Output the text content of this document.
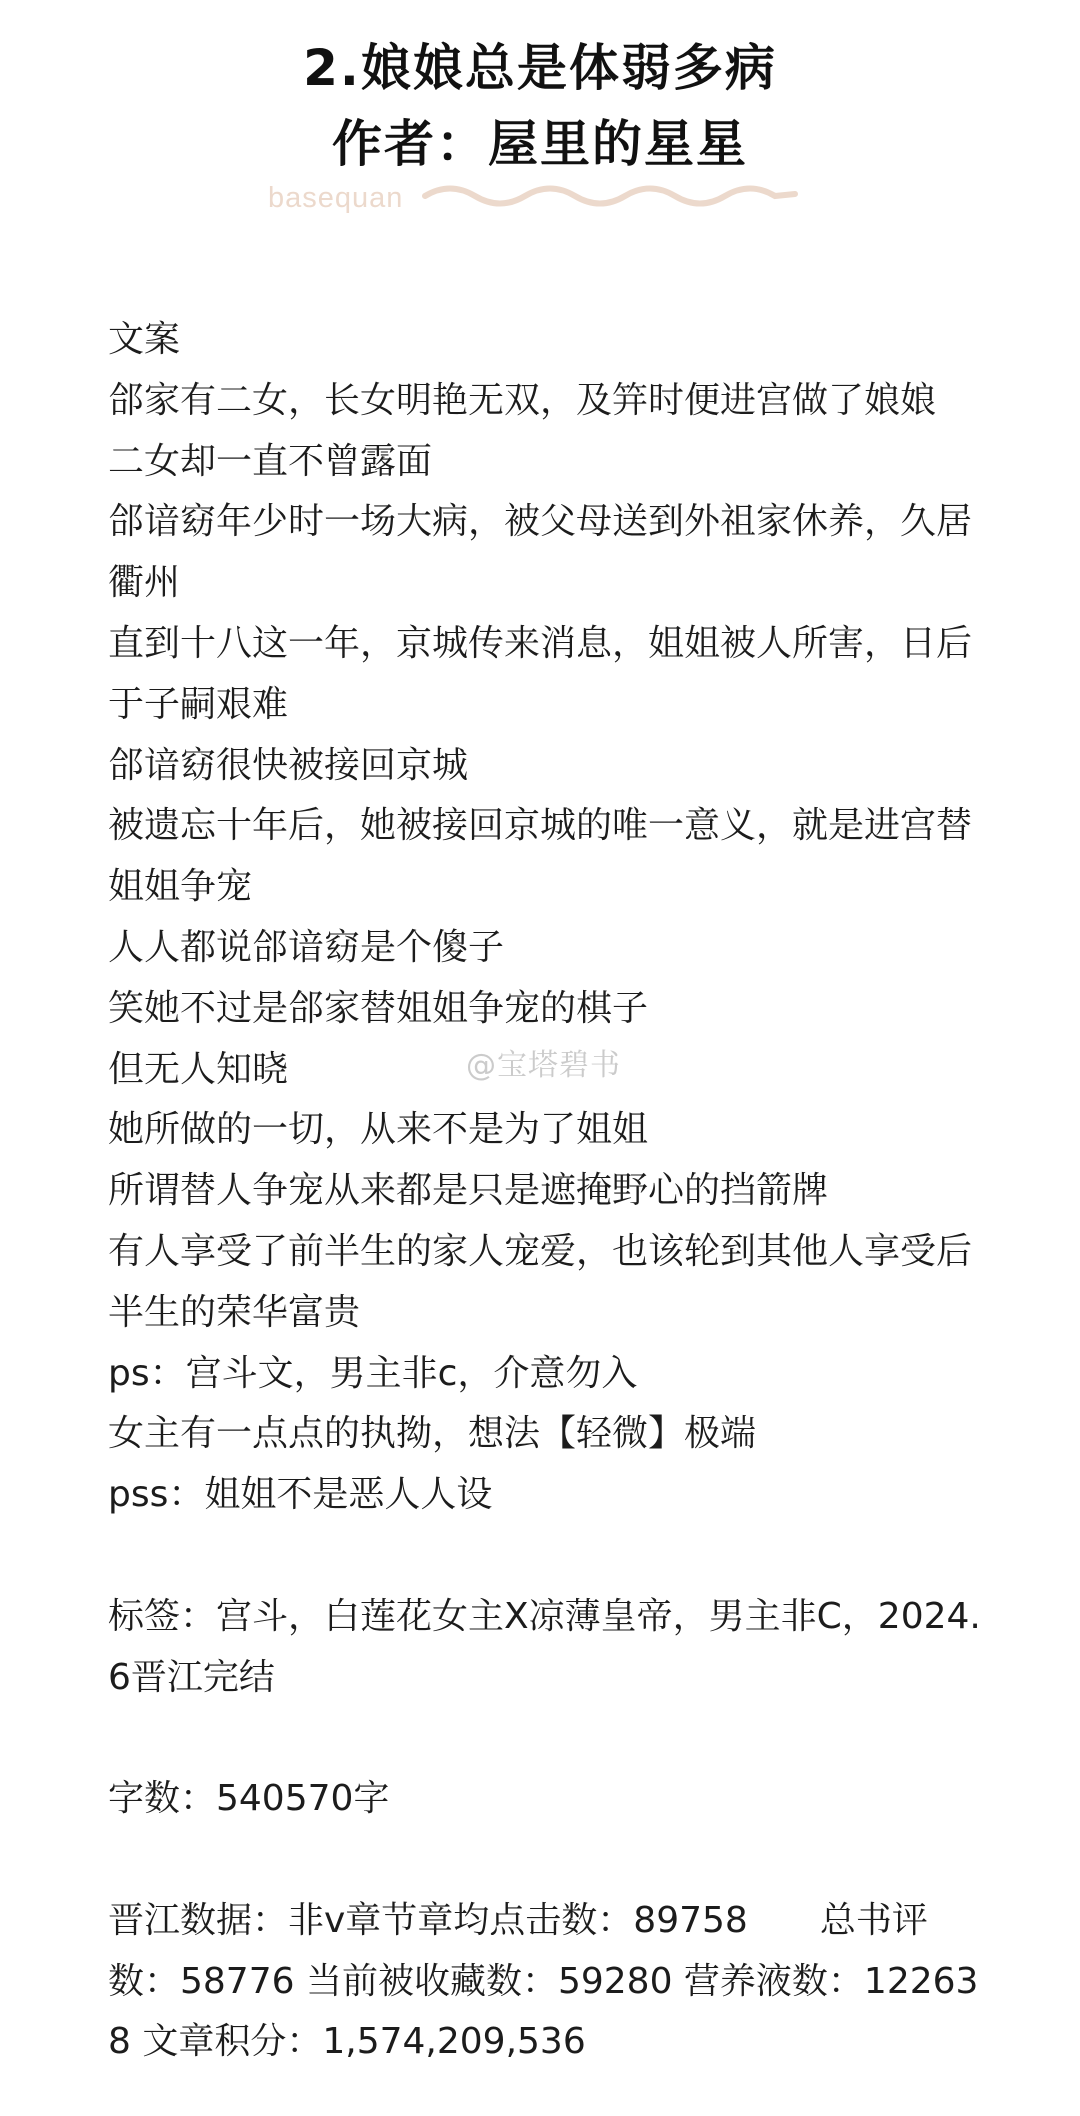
2.娘娘总是体弱多病
作者：屋里的星星
basequan
文案
郃家有二女，长女明艳无双，及笄时便进宫做了娘娘
二女却一直不曾露面
郃谙窈年少时一场大病，被父母送到外祖家休养，久居衢州
直到十八这一年，京城传来消息，姐姐被人所害，日后于子嗣艰难
郃谙窈很快被接回京城
被遗忘十年后，她被接回京城的唯一意义，就是进宫替姐姐争宠
人人都说郃谙窈是个傻子
笑她不过是郃家替姐姐争宠的棋子
但无人知晓
她所做的一切，从来不是为了姐姐
所谓替人争宠从来都是只是遮掩野心的挡箭牌
有人享受了前半生的家人宠爱，也该轮到其他人享受后半生的荣华富贵
ps：宫斗文，男主非c，介意勿入
女主有一点点的执拗，想法【轻微】极端
pss：姐姐不是恶人人设
标签：宫斗，白莲花女主X凉薄皇帝，男主非C，2024.6晋江完结
字数：540570字
晋江数据：非v章节章均点击数：89758　　总书评数：58776 当前被收藏数：59280 营养液数：122638 文章积分：1,574,209,536
@宝塔碧书
